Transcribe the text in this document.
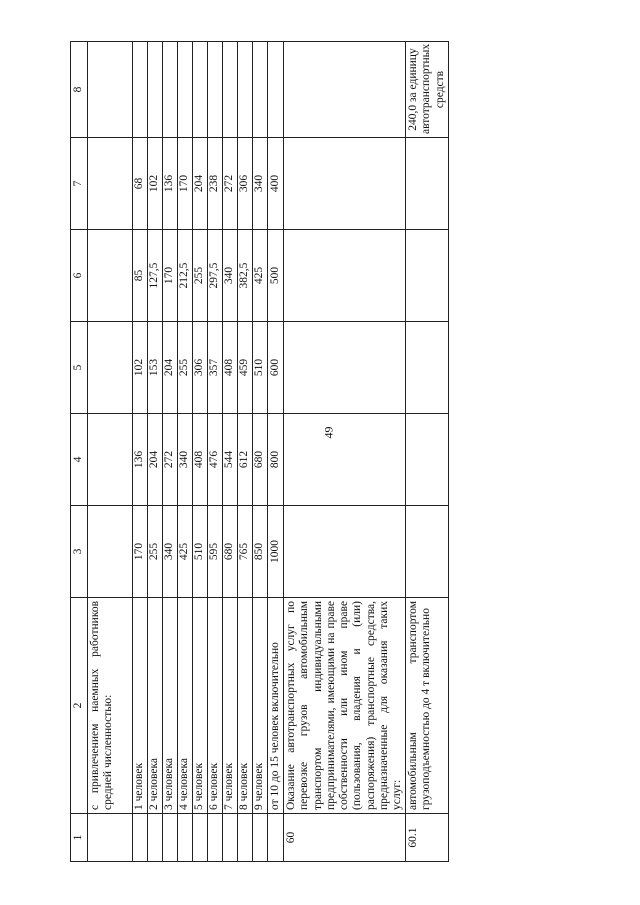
49
1	2	3	4	5	6	7	8
	с привлечением наемных работников средней численностью:						
	1 человек	170	136	102	85	68	
	2 человека	255	204	153	127,5	102	
	3 человека	340	272	204	170	136	
	4 человека	425	340	255	212,5	170	
	5 человек	510	408	306	255	204	
	6 человек	595	476	357	297,5	238	
	7 человек	680	544	408	340	272	
	8 человек	765	612	459	382,5	306	
	9 человек	850	680	510	425	340	
	от 10 до 15 человек включительно	1000	800	600	500	400	
60	Оказание автотранспортных услуг по перевозке грузов автомобильным транспортом индивидуальными предпринимателями, имеющими на праве собственности или ином праве (пользования, владения и (или) распоряжения) транспортные средства, предназначенные для оказания таких услуг:						
60.1	автомобильным транспортом грузоподъемностью до 4 т включительно						240,0 за единицу автотранспортных средств
